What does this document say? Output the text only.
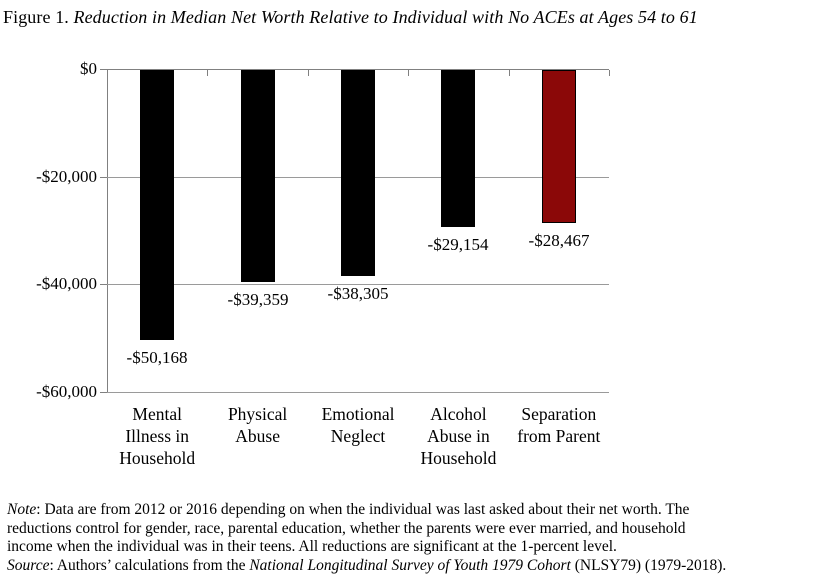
Figure 1. Reduction in Median Net Worth Relative to Individual with No ACEs at Ages 54 to 61
$0
-$20,000
-$40,000
-$60,000
-$50,168
-$39,359 -$38,305
-$29,154 -$28,467
Mental
Illness in
Household
Physical
Abuse
Emotional
Neglect
Alcohol
Abuse in
Household
Separation
from Parent
Note: Data are from 2012 or 2016 depending on when the individual was last asked about their net worth. The
reductions control for gender, race, parental education, whether the parents were ever married, and household
income when the individual was in their teens. All reductions are significant at the 1-percent level.
Source: Authors’ calculations from the National Longitudinal Survey of Youth 1979 Cohort (NLSY79) (1979-2018).
